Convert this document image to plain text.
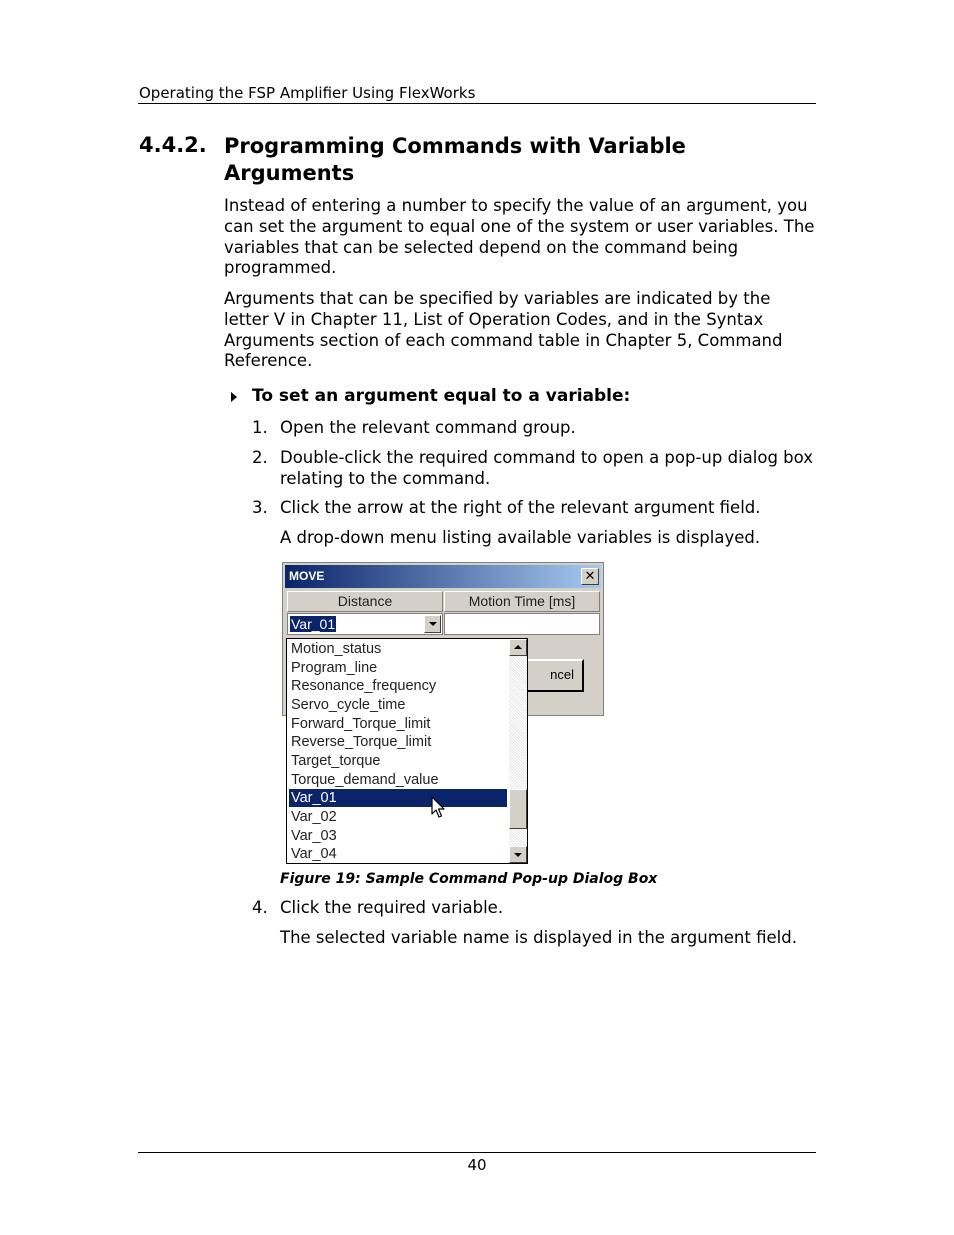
Operating the FSP Amplifier Using FlexWorks
4.4.2. Programming Commands with Variable Arguments
Instead of entering a number to specify the value of an argument, you can set the argument to equal one of the system or user variables. The variables that can be selected depend on the command being programmed.
Arguments that can be specified by variables are indicated by the letter V in Chapter 11, List of Operation Codes, and in the Syntax Arguments section of each command table in Chapter 5, Command Reference.
To set an argument equal to a variable:
1. Open the relevant command group.
2. Double-click the required command to open a pop-up dialog box relating to the command.
3. Click the arrow at the right of the relevant argument field.
A drop-down menu listing available variables is displayed.
MOVE	✕
Distance	Motion Time [ms]
Var_01
ncel
Motion_status
Program_line
Resonance_frequency
Servo_cycle_time
Forward_Torque_limit
Reverse_Torque_limit
Target_torque
Torque_demand_value
Var_01
Var_02
Var_03
Var_04
Figure 19: Sample Command Pop-up Dialog Box
4. Click the required variable.
The selected variable name is displayed in the argument field.
40
